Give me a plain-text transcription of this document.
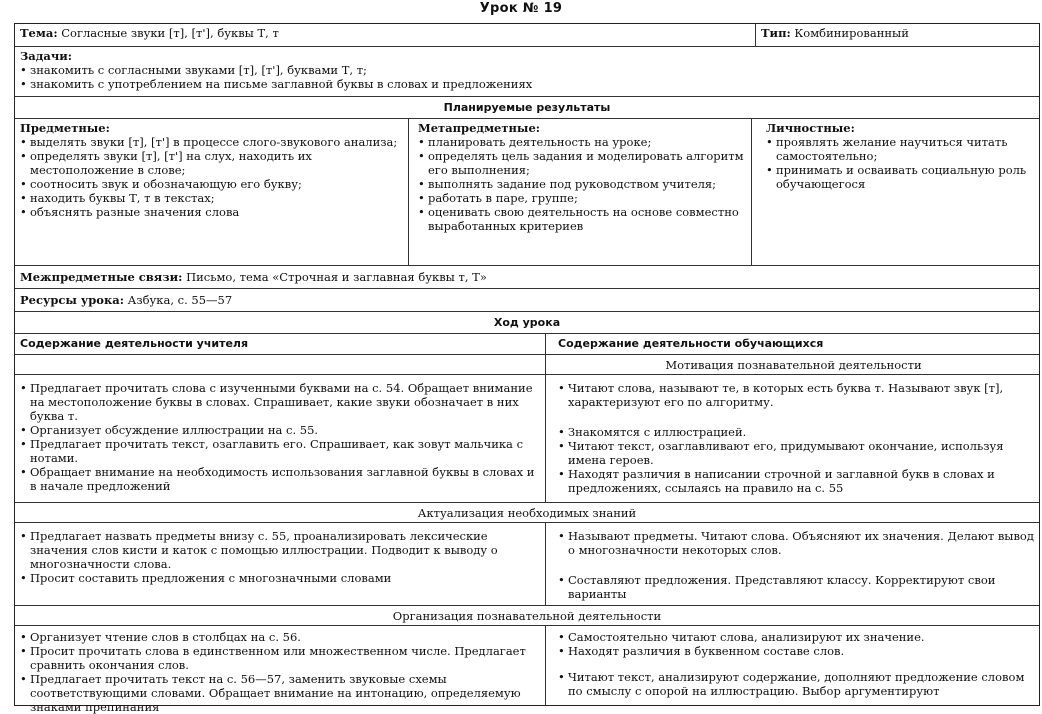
Урок № 19
Тема: Согласные звуки [т], [т'], буквы Т, т	Тип: Комбинированный
Задачи:
• знакомить с согласными звуками [т], [т'], буквами Т, т;
• знакомить с употреблением на письме заглавной буквы в словах и предложениях
Планируемые результаты
Предметные:
• выделять звуки [т], [т'] в процессе слого-звукового анализа;
• определять звуки [т], [т'] на слух, находить их местоположение в слове;
• соотносить звук и обозначающую его букву;
• находить буквы Т, т в текстах;
• объяснять разные значения слова
Метапредметные:
• планировать деятельность на уроке;
• определять цель задания и моделировать алгоритм его выполнения;
• выполнять задание под руководством учителя;
• работать в паре, группе;
• оценивать свою деятельность на основе совместно выработанных критериев
Личностные:
• проявлять желание научиться читать самостоятельно;
• принимать и осваивать социальную роль обучающегося
Межпредметные связи: Письмо, тема «Строчная и заглавная буквы т, Т»
Ресурсы урока: Азбука, с. 55—57
Ход урока
Содержание деятельности учителя	Содержание деятельности обучающихся
Мотивация познавательной деятельности
• Предлагает прочитать слова с изученными буквами на с. 54. Обращает внимание на местоположение буквы в словах. Спрашивает, какие звуки обозначает в них буква т.
• Организует обсуждение иллюстрации на с. 55.
• Предлагает прочитать текст, озаглавить его. Спрашивает, как зовут мальчика с нотами.
• Обращает внимание на необходимость использования заглавной буквы в словах и в начале предложений
• Читают слова, называют те, в которых есть буква т. Называют звук [т], характеризуют его по алгоритму.
• Знакомятся с иллюстрацией.
• Читают текст, озаглавливают его, придумывают окончание, используя имена героев.
• Находят различия в написании строчной и заглавной букв в словах и предложениях, ссылаясь на правило на с. 55
Актуализация необходимых знаний
• Предлагает назвать предметы внизу с. 55, проанализировать лексические значения слов кисти и каток с помощью иллюстрации. Подводит к выводу о многозначности слова.
• Просит составить предложения с многозначными словами
• Называют предметы. Читают слова. Объясняют их значения. Делают вывод о многозначности некоторых слов.
• Составляют предложения. Представляют классу. Корректируют свои варианты
Организация познавательной деятельности
• Организует чтение слов в столбцах на с. 56.
• Просит прочитать слова в единственном или множественном числе. Предлагает сравнить окончания слов.
• Предлагает прочитать текст на с. 56—57, заменить звуковые схемы соответствующими словами. Обращает внимание на интонацию, определяемую знаками препинания
• Самостоятельно читают слова, анализируют их значение.
• Находят различия в буквенном составе слов.
• Читают текст, анализируют содержание, дополняют предложение словом по смыслу с опорой на иллюстрацию. Выбор аргументируют
